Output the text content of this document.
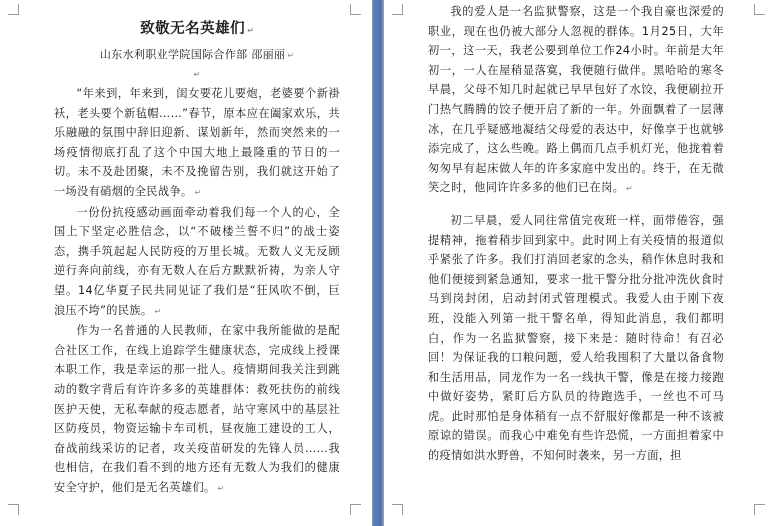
致敬无名英雄们 ↵

山东水利职业学院国际合作部 邵丽丽 ↵

↵

“年来到，年来到，闺女要花儿要炮，老婆要个新褂袄，老头要个新毡帽……”春节，原本应在阖家欢乐，共乐融融的氛围中辞旧迎新、谋划新年，然而突然来的一场疫情彻底打乱了这个中国大地上最隆重的节日的一切。未不及赴团聚，未不及挽留告别，我们就这开始了一场没有硝烟的全民战争。 ↵

一份份抗疫感动画面牵动着我们每一个人的心，全国上下坚定必胜信念，以“不破楼兰誓不归”的战士姿态，携手筑起起人民防疫的万里长城。无数人义无反顾逆行奔向前线，亦有无数人在后方默默祈祷，为亲人守望。14亿华夏子民共同见证了我们是“狂风吹不倒，巨浪压不垮”的民族。 ↵

作为一名普通的人民教师，在家中我所能做的是配合社区工作，在线上追踪学生健康状态，完成线上授课本职工作，我是幸运的那一批人。疫情期间我关注到跳动的数字背后有许许多多的英雄群体：救死扶伤的前线医护天使，无私奉献的疫志愿者，站守寒风中的基层社区防疫员，物资运输卡车司机，昼夜施工建设的工人，奋战前线采访的记者，攻关疫苗研发的先锋人员……我也相信，在我们看不到的地方还有无数人为我们的健康安全守护，他们是无名英雄们。 ↵

我的爱人是一名监狱警察，这是一个我自豪也深爱的职业，现在也仍被大部分人忽视的群体。1月25日，大年初一，这一天，我老公要到单位工作24小时。年前是大年初一，一人在屋稍显落寞，我便随行做伴。黑哈哈的寒冬早晨，父母不知几时起就已早早包好了水饺，我便刷拉开门热气腾腾的饺子便开启了新的一年。外面飘着了一层薄冰，在几乎疑感地凝结父母爱的表达中，好像享于也就够添完成了，这么些晚。路上偶而几点手机灯光，他拢着着匆匆早有起床做人年的许多家庭中发出的。终于，在无微笑之时，他同许许多多的他们已在岗。 ↵

初二早晨，爱人同往常值完夜班一样，面带倦容，强提精神，拖着稍步回到家中。此时网上有关疫情的报道似乎紧张了许多。我们打消回老家的念头，稍作休息时我和他们便接到紧急通知，要求一批干警分批分批冲洗伙食时马到岗封闭，启动封闭式管理模式。我爱人由于刚下夜班，没能入列第一批干警名单，得知此消息，我们都明白，作为一名监狱警察，接下来是：随时待命！有召必回！为保证我的口粮问题，爱人给我囤积了大量以备食物和生活用品，同龙作为一名一线执干警，像是在接力接跑中做好姿势，紧盯后方队员的待跑选手，一丝也不可马虎。此时那怕是身体稍有一点不舒服好像都是一种不该被原谅的错误。而我心中难免有些许恐慌，一方面担着家中的疫情如洪水野兽，不知何时袭来，另一方面，担
